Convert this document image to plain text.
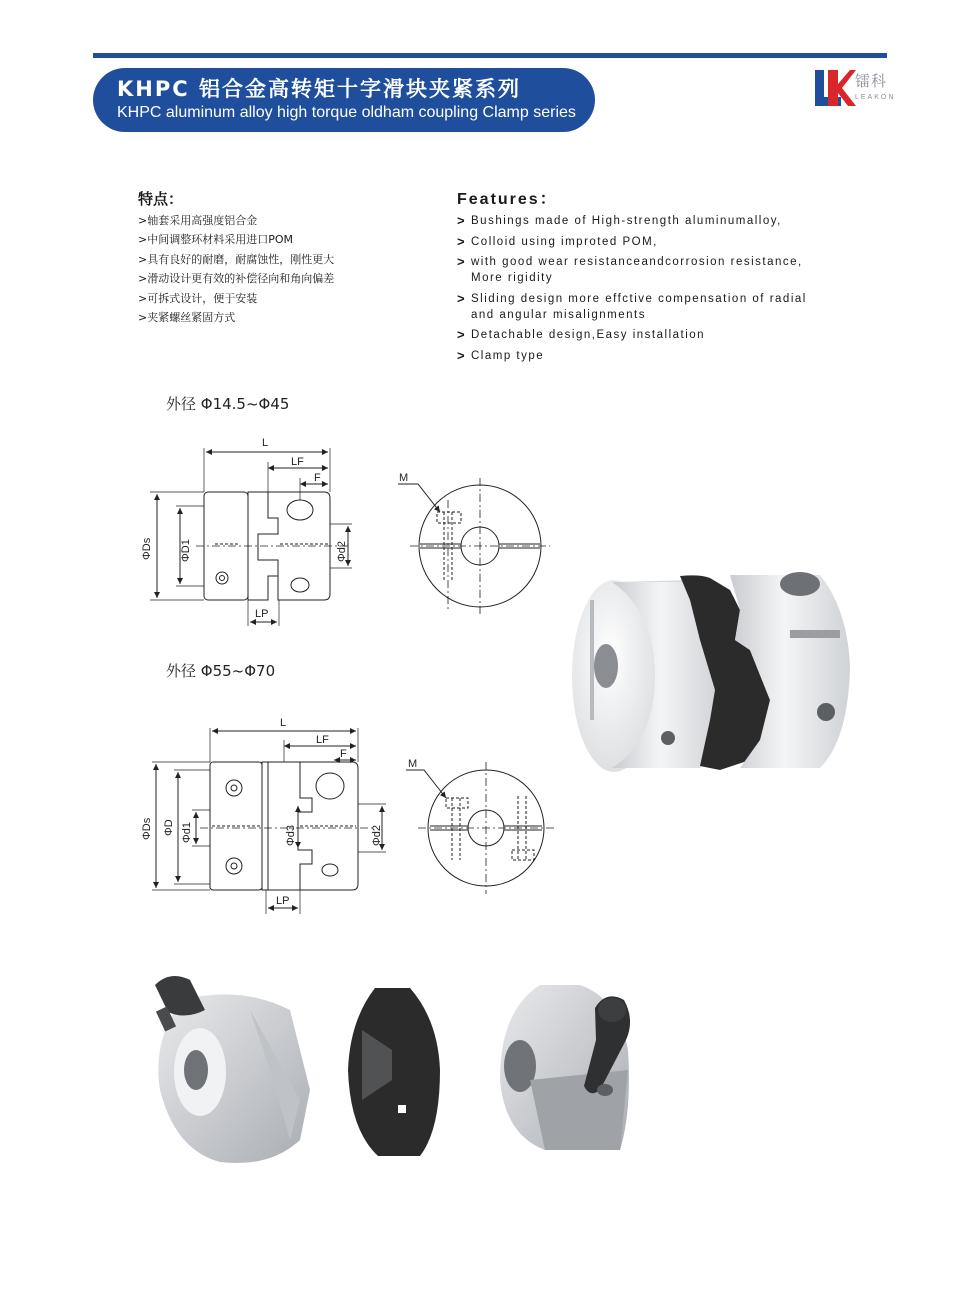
KHPC 铝合金高转矩十字滑块夹紧系列
KHPC aluminum alloy high torque oldham coupling Clamp series
镭科
LEAKON
特点：
>轴套采用高强度铝合金
>中间调整环材料采用进口POM
>具有良好的耐磨，耐腐蚀性，刚性更大
>滑动设计更有效的补偿径向和角向偏差
>可拆式设计，便于安装
>夹紧螺丝紧固方式
Features：
> Bushings made of High-strength aluminumalloy,
> Colloid using improted POM,
> with good wear resistanceandcorrosion resistance,
More rigidity
> Sliding design more effctive compensation of radial
and angular misalignments
> Detachable design,Easy installation
> Clamp type
外径 Φ14.5~Φ45
外径 Φ55~Φ70
L
LF
F
ΦDs ΦD1	Φd2
LP
M
L
LF
F
ΦDs ΦD Φd1	Φd3	Φd2
LP
M
